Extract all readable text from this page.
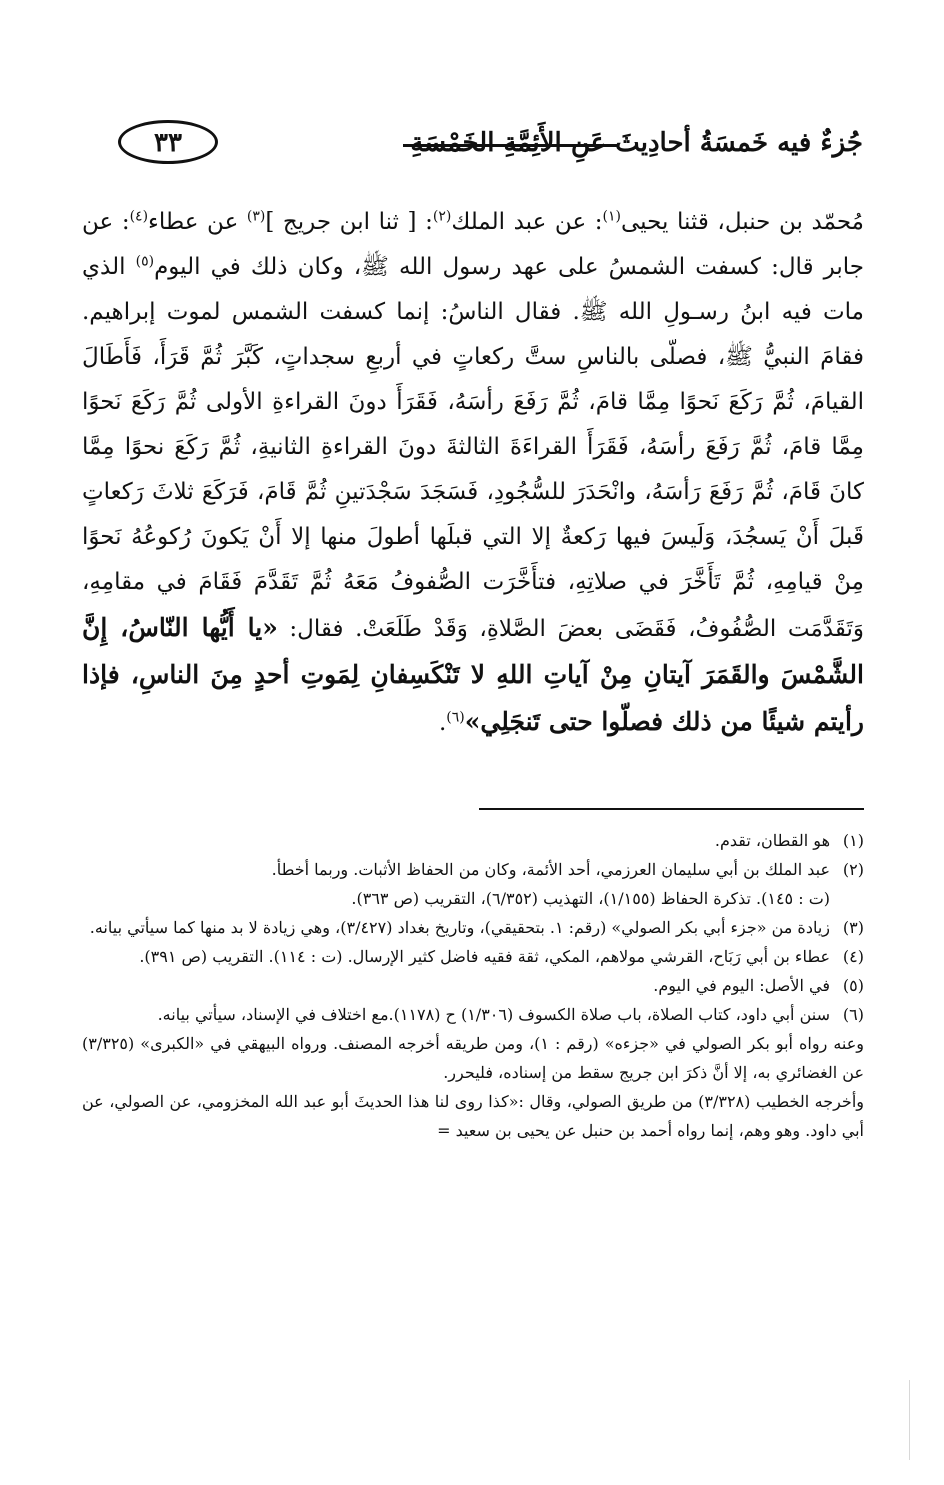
جُزءٌ فيه خَمسَةُ أحادِيثَ عَنِ الأَئِمَّةِ الخَمْسَةِ
٣٣

مُحمّد بن حنبل، قثنا يحيى$^{(١)}$: عن عبد الملك$^{(٢)}$: [ ثنا ابن جريج ]$^{(٣)}$ عن عطاء$^{(٤)}$: عن جابر قال: كسفت الشمسُ على عهد رسول الله ﷺ، وكان ذلك في اليوم$^{(٥)}$ الذي مات فيه ابنُ رسـولِ الله ﷺ. فقال الناسُ: إنما كسفت الشمس لموت إبراهيم. فقامَ النبيُّ ﷺ، فصلّى بالناسِ ستَّ ركعاتٍ في أربعِ سجداتٍ، كَبَّرَ ثُمَّ قَرَأَ، فَأَطَالَ القيامَ، ثُمَّ رَكَعَ نَحوًا مِمَّا قامَ، ثُمَّ رَفَعَ رأسَهُ، فَقَرَأَ دونَ القراءةِ الأولى ثُمَّ رَكَعَ نَحوًا مِمَّا قامَ، ثُمَّ رَفَعَ رأسَهُ، فَقَرَأَ القراءَةَ الثالثةَ دونَ القراءةِ الثانيةِ، ثُمَّ رَكَعَ نحوًا مِمَّا كانَ قَامَ، ثُمَّ رَفَعَ رَأسَهُ، وانْحَدَرَ للسُّجُودِ، فَسَجَدَ سَجْدَتينِ ثُمَّ قَامَ، فَرَكَعَ ثلاثَ رَكعاتٍ قَبلَ أَنْ يَسجُدَ، وَلَيسَ فيها رَكعةٌ إلا التي قبلَها أطولَ منها إلا أَنْ يَكونَ رُكوعُهُ نَحوًا مِنْ قيامِهِ، ثُمَّ تَأَخَّرَ في صلاتِهِ، فتأَخَّرَت الصُّفوفُ مَعَهُ ثُمَّ تَقَدَّمَ فَقَامَ في مقامِهِ، وَتَقَدَّمَت الصُّفُوفُ، فَقَضَى بعضَ الصَّلاةِ، وَقَدْ طَلَعَتْ. فقال: «يا أَيُّها النّاسُ، إِنَّ الشَّمْسَ والقَمَرَ آيتانِ مِنْ آياتِ اللهِ لا تَنْكَسِفانِ لِمَوتِ أحدٍ مِنَ الناسِ، فإذا رأيتم شيئًا من ذلك فصلّوا حتى تَنجَلِي»$^{(٦)}$.

(١)
هو القطان، تقدم.
(٢)
عبد الملك بن أبي سليمان العرزمي، أحد الأئمة، وكان من الحفاظ الأثبات. وربما أخطأ.
(ت : ١٤٥). تذكرة الحفاظ (١/١٥٥)، التهذيب (٦/٣٥٢)، التقريب (ص ٣٦٣).
(٣)
زيادة من «جزء أبي بكر الصولي» (رقم: ١. بتحقيقي)، وتاريخ بغداد (٣/٤٢٧)، وهي زيادة لا بد منها كما سيأتي بيانه.
(٤)
عطاء بن أبي رَبَاح، القرشي مولاهم، المكي، ثقة فقيه فاضل كثير الإرسال. (ت : ١١٤). التقريب (ص ٣٩١).
(٥)
في الأصل: اليوم في اليوم.
(٦)
سنن أبي داود، كتاب الصلاة، باب صلاة الكسوف (١/٣٠٦) ح (١١٧٨).مع اختلاف في الإسناد، سيأتي بيانه.
وعنه رواه أبو بكر الصولي في «جزءه» (رقم : ١)، ومن طريقه أخرجه المصنف. ورواه البيهقي في «الكبرى» (٣/٣٢٥) عن الغضائري به، إلا أنَّ ذكرَ ابن جريج سقط من إسناده، فليحرر.
وأخرجه الخطيب (٣/٣٢٨) من طريق الصولي، وقال :«كذا روى لنا هذا الحديثَ أبو عبد الله المخزومي، عن الصولي، عن أبي داود. وهو وهم، إنما رواه أحمد بن حنبل عن يحيى بن سعيد =
